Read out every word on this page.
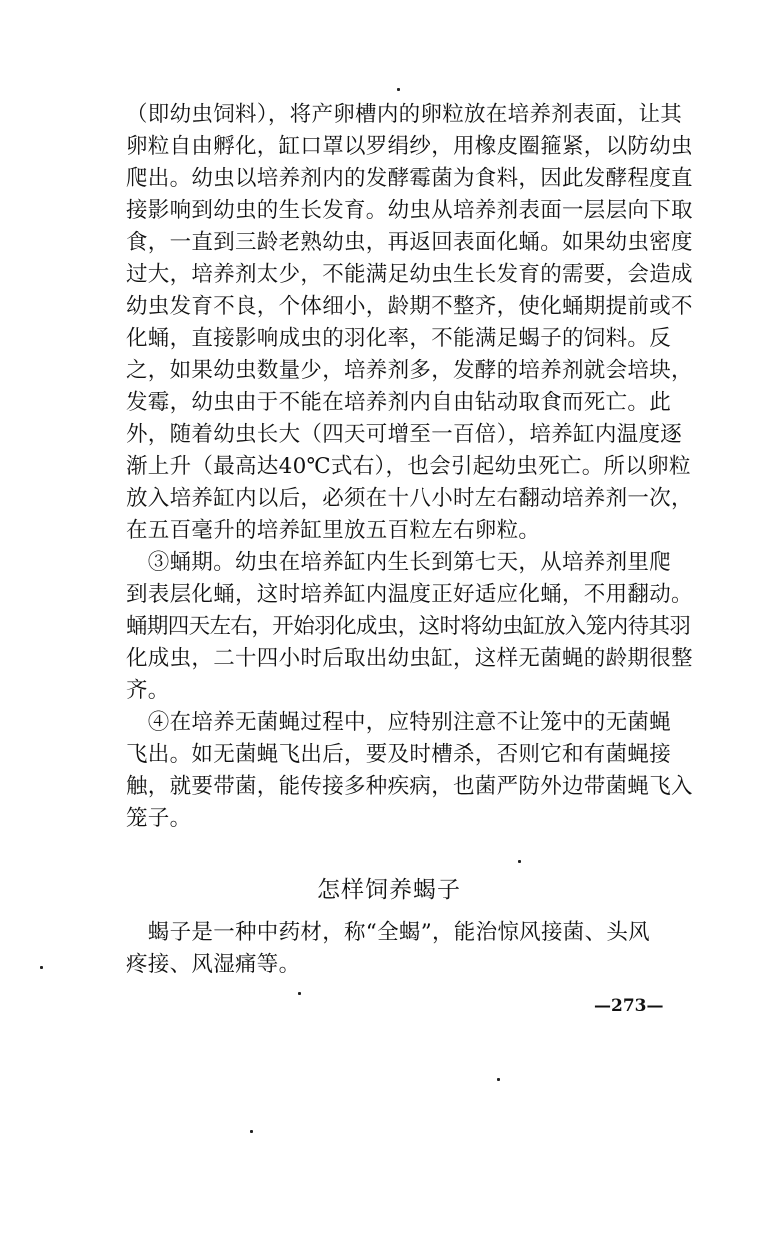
（即幼虫饲料），将产卵槽内的卵粒放在培养剂表面，让其
卵粒自由孵化，缸口罩以罗绢纱，用橡皮圈箍紧，以防幼虫
爬出。幼虫以培养剂内的发酵霉菌为食料，因此发酵程度直
接影响到幼虫的生长发育。幼虫从培养剂表面一层层向下取
食，一直到三龄老熟幼虫，再返回表面化蛹。如果幼虫密度
过大，培养剂太少，不能满足幼虫生长发育的需要，会造成
幼虫发育不良，个体细小，龄期不整齐，使化蛹期提前或不
化蛹，直接影响成虫的羽化率，不能满足蝎子的饲料。反
之，如果幼虫数量少，培养剂多，发酵的培养剂就会培块，
发霉，幼虫由于不能在培养剂内自由钻动取食而死亡。此
外，随着幼虫长大（四天可增至一百倍），培养缸内温度逐
渐上升（最高达40℃式右），也会引起幼虫死亡。所以卵粒
放入培养缸内以后，必须在十八小时左右翻动培养剂一次，
在五百毫升的培养缸里放五百粒左右卵粒。
　③蛹期。幼虫在培养缸内生长到第七天，从培养剂里爬
到表层化蛹，这时培养缸内温度正好适应化蛹，不用翻动。
蛹期四天左右，开始羽化成虫，这时将幼虫缸放入笼内待其羽
化成虫，二十四小时后取出幼虫缸，这样无菌蝇的龄期很整
齐。
　④在培养无菌蝇过程中，应特别注意不让笼中的无菌蝇
飞出。如无菌蝇飞出后，要及时槽杀，否则它和有菌蝇接
触，就要带菌，能传接多种疾病，也菌严防外边带菌蝇飞入
笼子。
怎样饲养蝎子
　蝎子是一种中药材，称“全蝎”，能治惊风接菌、头风
疼接、风湿痛等。
—273—
